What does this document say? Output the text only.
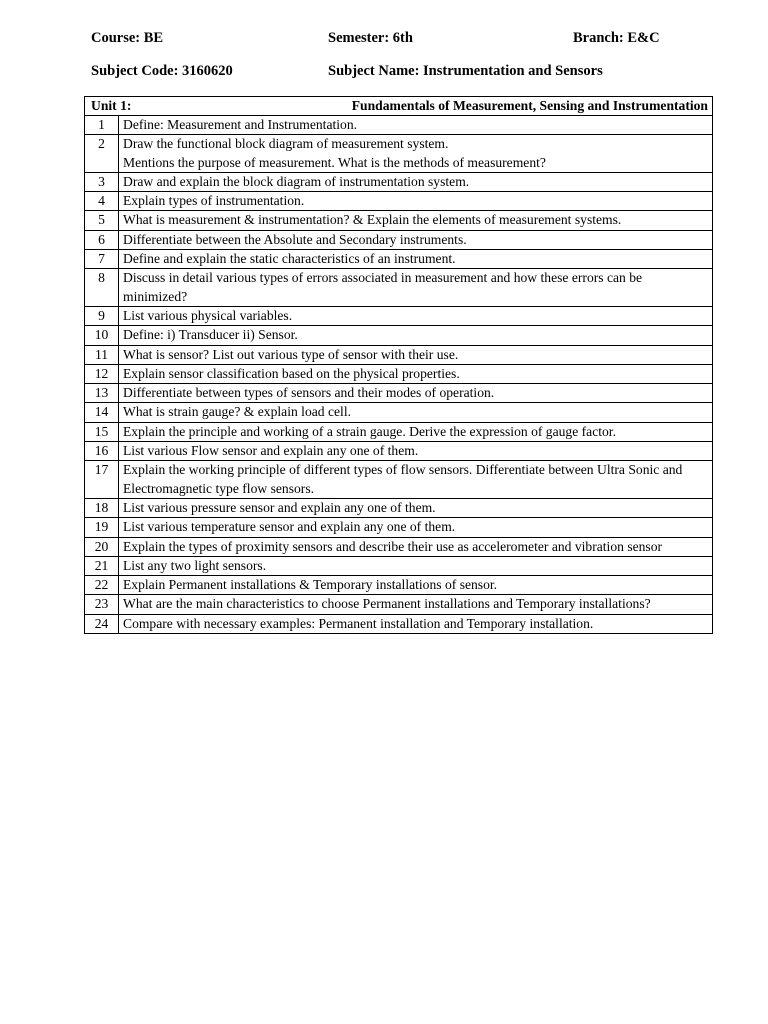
Course: BE	Semester: 6th	Branch: E&C
Subject Code: 3160620	Subject Name: Instrumentation and Sensors
Unit 1: Fundamentals of Measurement, Sensing and Instrumentation	

1	Define: Measurement and Instrumentation.
2	Draw the functional block diagram of measurement system.
Mentions the purpose of measurement. What is the methods of measurement?

3	Draw and explain the block diagram of instrumentation system.
4	Explain types of instrumentation.
5	What is measurement & instrumentation? & Explain the elements of measurement systems.
6	Differentiate between the Absolute and Secondary instruments.
7	Define and explain the static characteristics of an instrument.
8	Discuss in detail various types of errors associated in measurement and how these errors can be minimized?
9	List various physical variables.
10	Define: i) Transducer ii) Sensor.
11	What is sensor? List out various type of sensor with their use.
12	Explain sensor classification based on the physical properties.
13	Differentiate between types of sensors and their modes of operation.
14	What is strain gauge? & explain load cell.
15	Explain the principle and working of a strain gauge. Derive the expression of gauge factor.
16	List various Flow sensor and explain any one of them.
17	Explain the working principle of different types of flow sensors. Differentiate between Ultra Sonic and Electromagnetic type flow sensors.
18	List various pressure sensor and explain any one of them.
19	List various temperature sensor and explain any one of them.
20	Explain the types of proximity sensors and describe their use as accelerometer and vibration sensor
21	List any two light sensors.
22	Explain Permanent installations & Temporary installations of sensor.
23	What are the main characteristics to choose Permanent installations and Temporary installations?
24	Compare with necessary examples: Permanent installation and Temporary installation.
